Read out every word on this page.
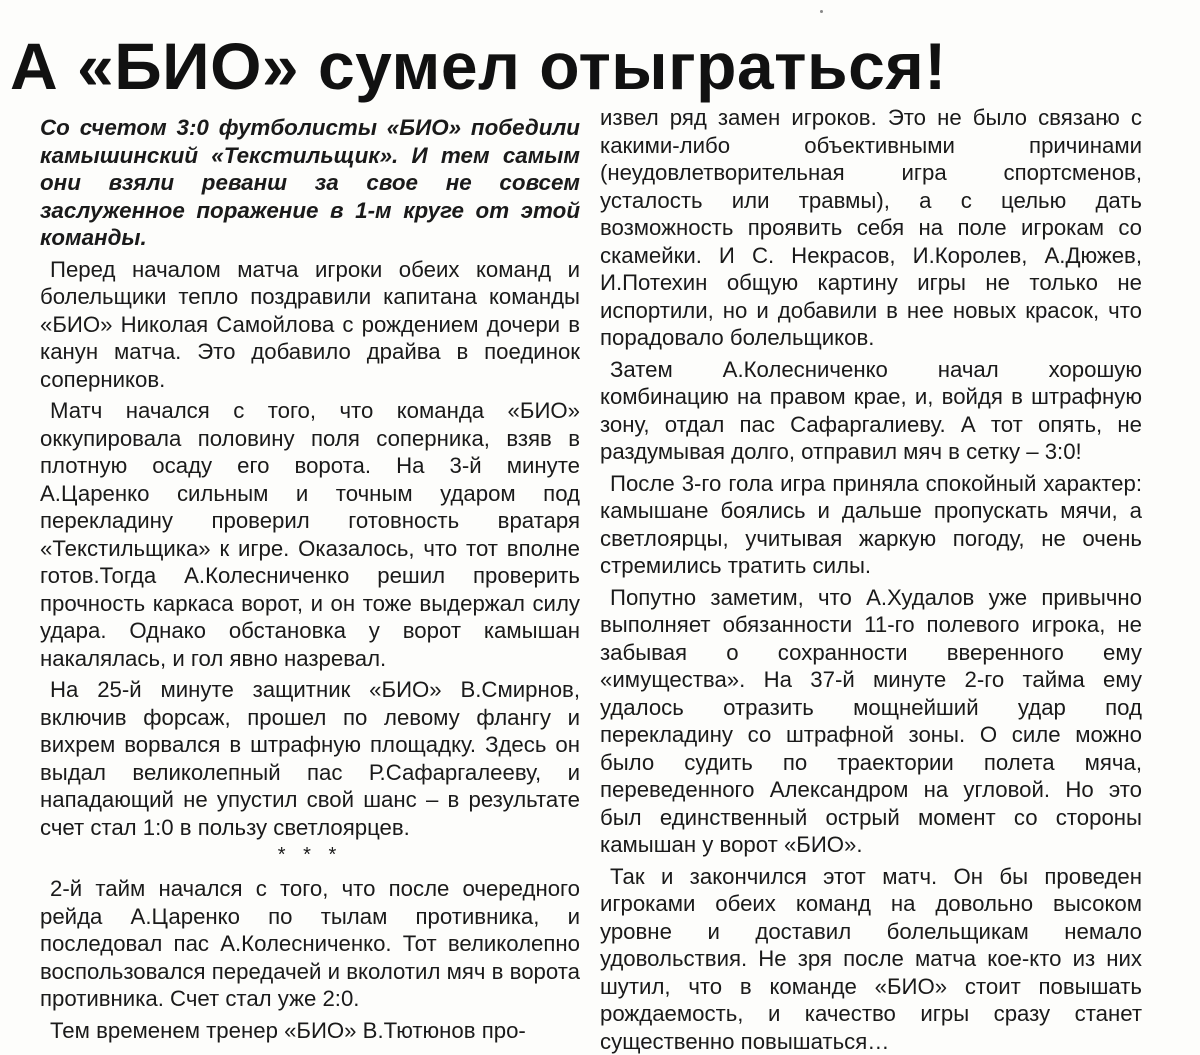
А «БИО» сумел отыграться!

Со счетом 3:0 футболисты «БИО» победили камышинский «Текстильщик». И тем самым они взяли реванш за свое не совсем заслуженное поражение в 1-м круге от этой команды.

Перед началом матча игроки обеих команд и болельщики тепло поздравили капитана команды «БИО» Николая Самойлова с рождением дочери в канун матча. Это добавило драйва в поединок соперников.

Матч начался с того, что команда «БИО» оккупировала половину поля соперника, взяв в плотную осаду его ворота. На 3-й минуте А.Царенко сильным и точным ударом под перекладину проверил готовность вратаря «Текстильщика» к игре. Оказалось, что тот вполне готов.Тогда А.Колесниченко решил проверить прочность каркаса ворот, и он тоже выдержал силу удара. Однако обстановка у ворот камышан накалялась, и гол явно назревал.

На 25-й минуте защитник «БИО» В.Смирнов, включив форсаж, прошел по левому флангу и вихрем ворвался в штрафную площадку. Здесь он выдал великолепный пас Р.Сафаргалееву, и нападающий не упустил свой шанс – в результате счет стал 1:0 в пользу светлоярцев.

* * *

2-й тайм начался с того, что после очередного рейда А.Царенко по тылам противника, и последовал пас А.Колесниченко. Тот великолепно воспользовался передачей и вколотил мяч в ворота противника. Счет стал уже 2:0.

Тем временем тренер «БИО» В.Тютюнов про-

извел ряд замен игроков. Это не было связано с какими-либо объективными причинами (неудовлетворительная игра спортсменов, усталость или травмы), а с целью дать возможность проявить себя на поле игрокам со скамейки. И С. Некрасов, И.Королев, А.Дюжев, И.Потехин общую картину игры не только не испортили, но и добавили в нее новых красок, что порадовало болельщиков.

Затем А.Колесниченко начал хорошую комбинацию на правом крае, и, войдя в штрафную зону, отдал пас Сафаргалиеву. А тот опять, не раздумывая долго, отправил мяч в сетку – 3:0!

После 3-го гола игра приняла спокойный характер: камышане боялись и дальше пропускать мячи, а светлоярцы, учитывая жаркую погоду, не очень стремились тратить силы.

Попутно заметим, что А.Худалов уже привычно выполняет обязанности 11-го полевого игрока, не забывая о сохранности вверенного ему «имущества». На 37-й минуте 2-го тайма ему удалось отразить мощнейший удар под перекладину со штрафной зоны. О силе можно было судить по траектории полета мяча, переведенного Александром на угловой. Но это был единственный острый момент со стороны камышан у ворот «БИО».

Так и закончился этот матч. Он бы проведен игроками обеих команд на довольно высоком уровне и доставил болельщикам немало удовольствия. Не зря после матча кое-кто из них шутил, что в команде «БИО» стоит повышать рождаемость, и качество игры сразу станет существенно повышаться…
